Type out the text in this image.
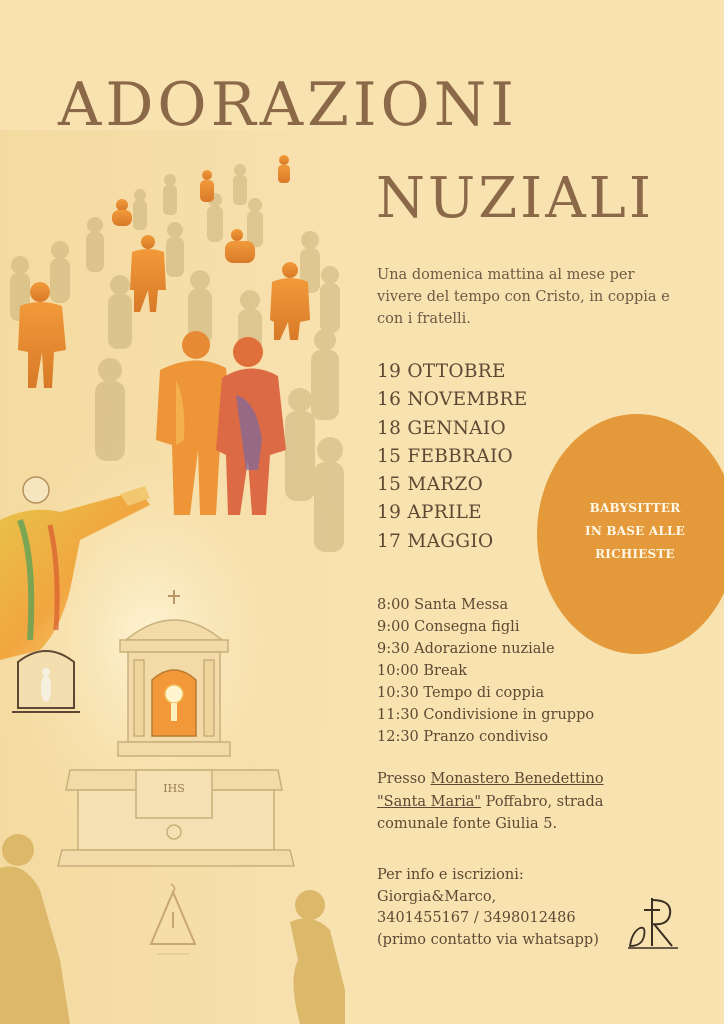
IHS
ADORAZIONI
NUZIALI
Una domenica mattina al mese per vivere del tempo con Cristo, in coppia e con i fratelli.
19 OTTOBRE
16 NOVEMBRE
18 GENNAIO
15 FEBBRAIO
15 MARZO
19 APRILE
17 MAGGIO
BABYSITTER
IN BASE ALLE
RICHIESTE
8:00 Santa Messa
9:00 Consegna figli
9:30 Adorazione nuziale
10:00 Break
10:30 Tempo di coppia
11:30 Condivisione in gruppo
12:30 Pranzo condiviso
Presso Monastero Benedettino
"Santa Maria" Poffabro, strada comunale fonte Giulia 5.
Per info e iscrizioni:
Giorgia&Marco,
3401455167 / 3498012486
(primo contatto via whatsapp)
